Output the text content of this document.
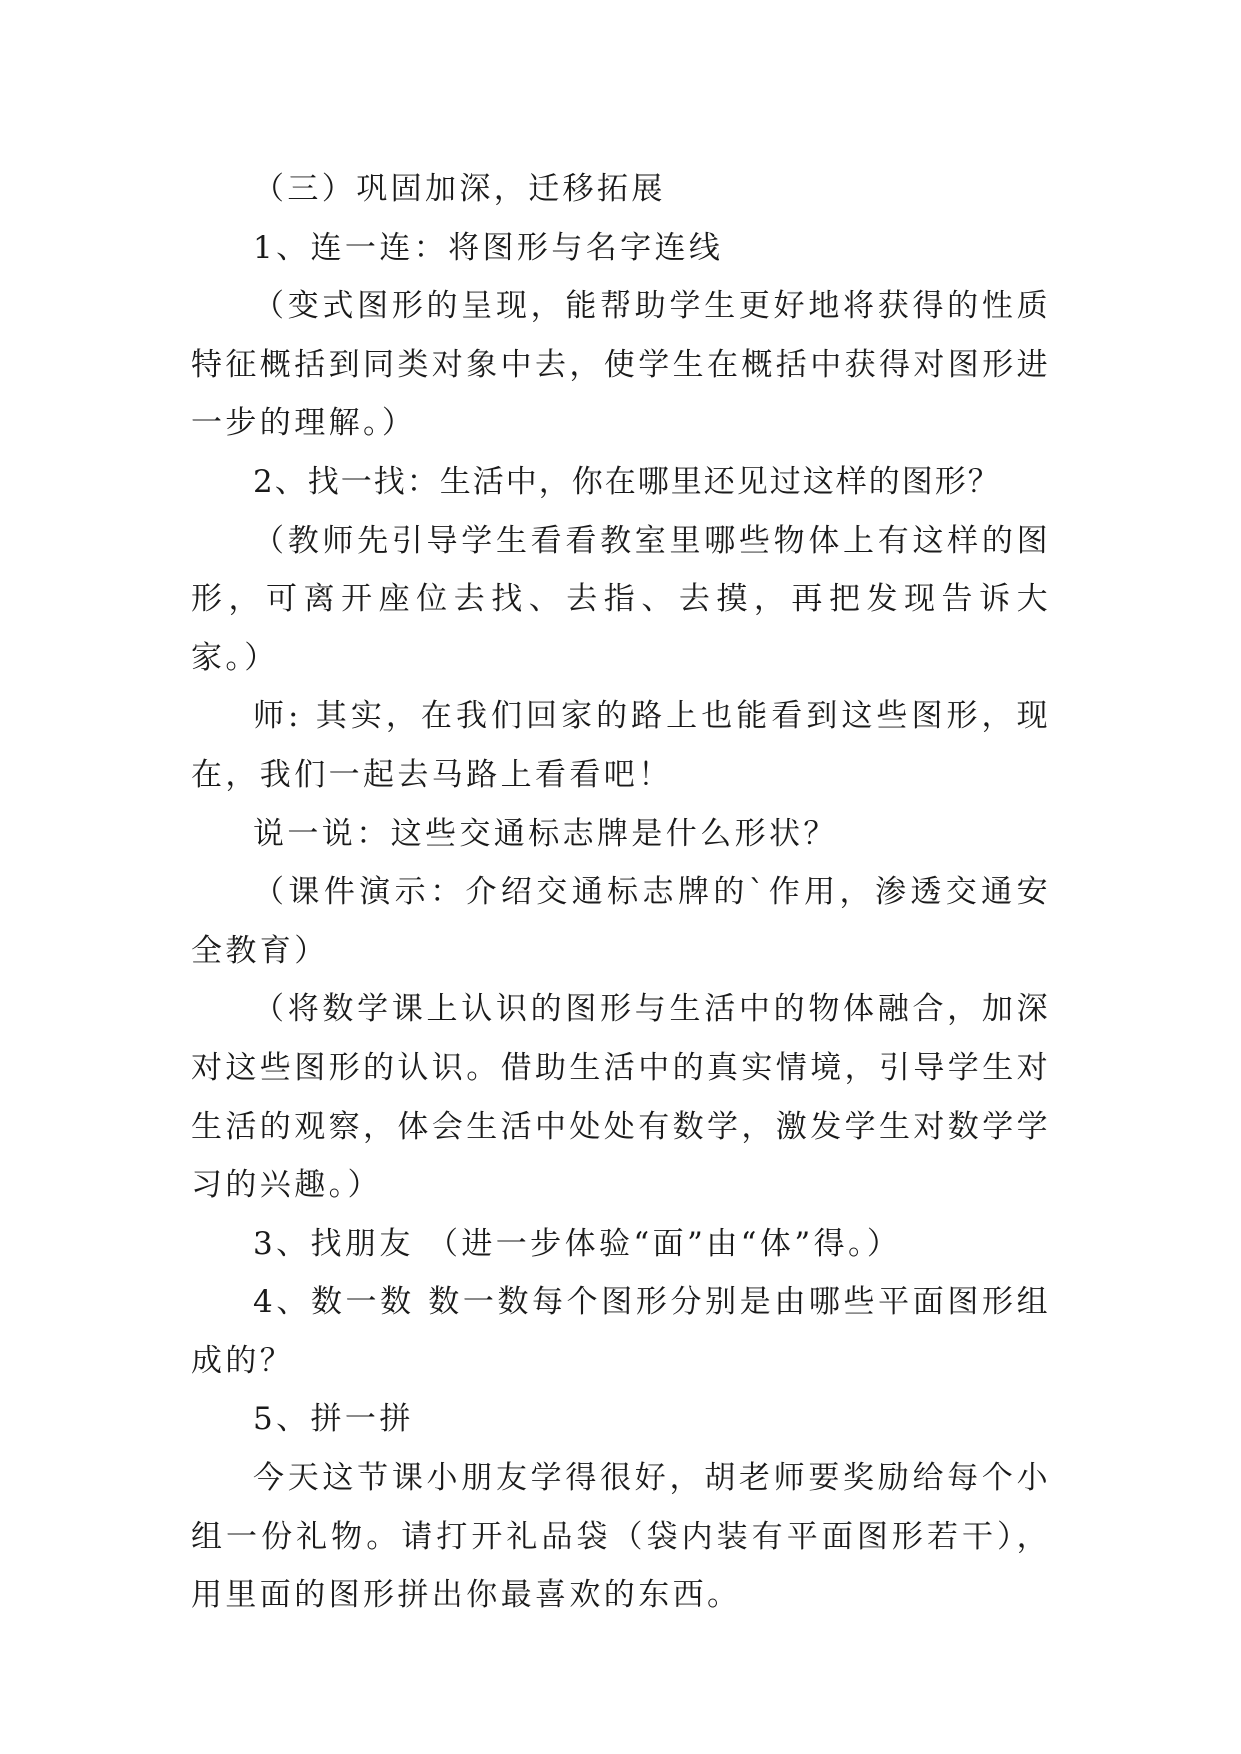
（三）巩固加深，迁移拓展

1、连一连：将图形与名字连线

（变式图形的呈现，能帮助学生更好地将获得的性质特征概括到同类对象中去，使学生在概括中获得对图形进一步的理解。）

2、找一找：生活中，你在哪里还见过这样的图形？

（教师先引导学生看看教室里哪些物体上有这样的图形，可离开座位去找、去指、去摸，再把发现告诉大家。）

师: 其实，在我们回家的路上也能看到这些图形，现在，我们一起去马路上看看吧！

说一说：这些交通标志牌是什么形状？

（课件演示：介绍交通标志牌的`作用，渗透交通安全教育）

（将数学课上认识的图形与生活中的物体融合，加深对这些图形的认识。借助生活中的真实情境，引导学生对生活的观察，体会生活中处处有数学，激发学生对数学学习的兴趣。）

3、找朋友 （进一步体验“面”由“体”得。）

4、数一数 数一数每个图形分别是由哪些平面图形组成的？

5、拼一拼

今天这节课小朋友学得很好，胡老师要奖励给每个小组一份礼物。请打开礼品袋（袋内装有平面图形若干），用里面的图形拼出你最喜欢的东西。
